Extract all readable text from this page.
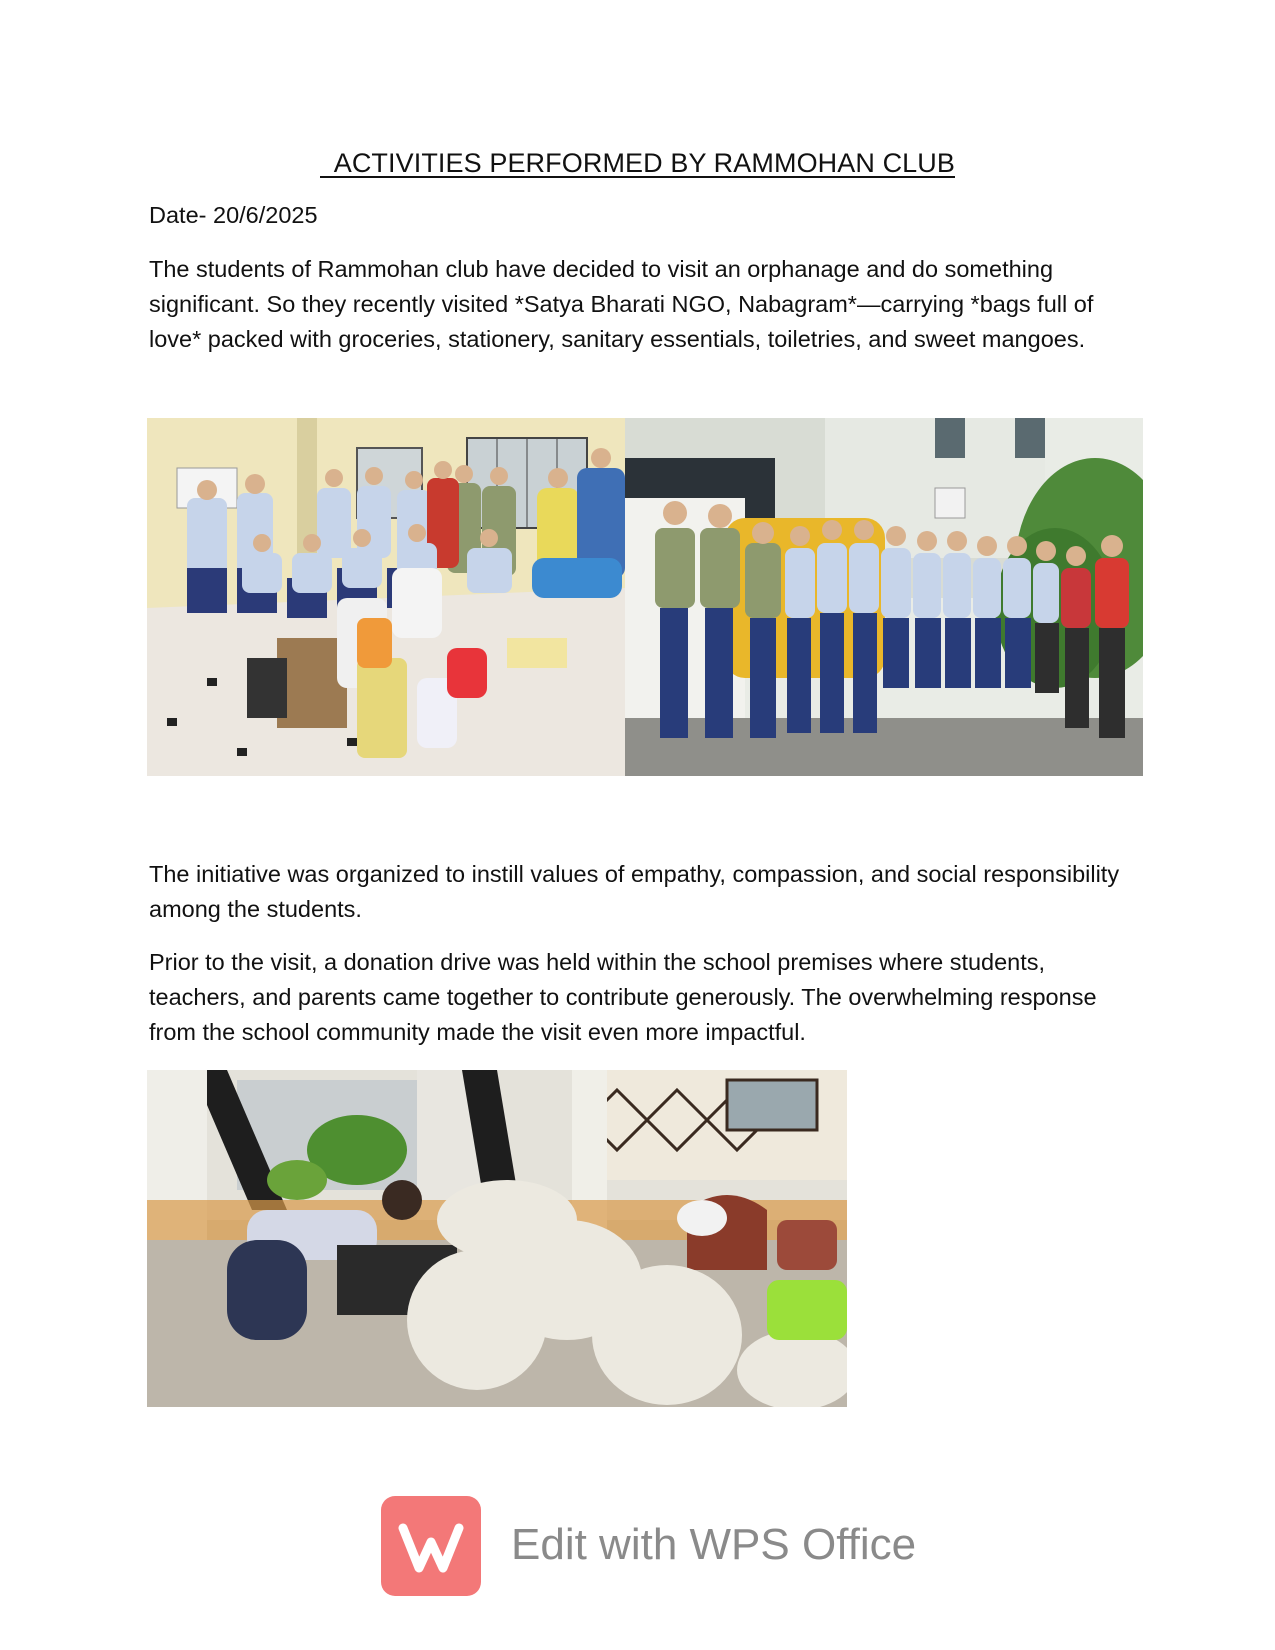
ACTIVITIES PERFORMED BY RAMMOHAN CLUB
Date- 20/6/2025
The students of Rammohan club have decided to visit an orphanage and do something significant. So they recently visited *Satya Bharati NGO, Nabagram*—carrying *bags full of love* packed with groceries, stationery, sanitary essentials, toiletries, and sweet mangoes.
The initiative was organized to instill values of empathy, compassion, and social responsibility among the students.
Prior to the visit, a donation drive was held within the school premises where students, teachers, and parents came together to contribute generously. The overwhelming response from the school community made the visit even more impactful.
Edit with WPS Office
